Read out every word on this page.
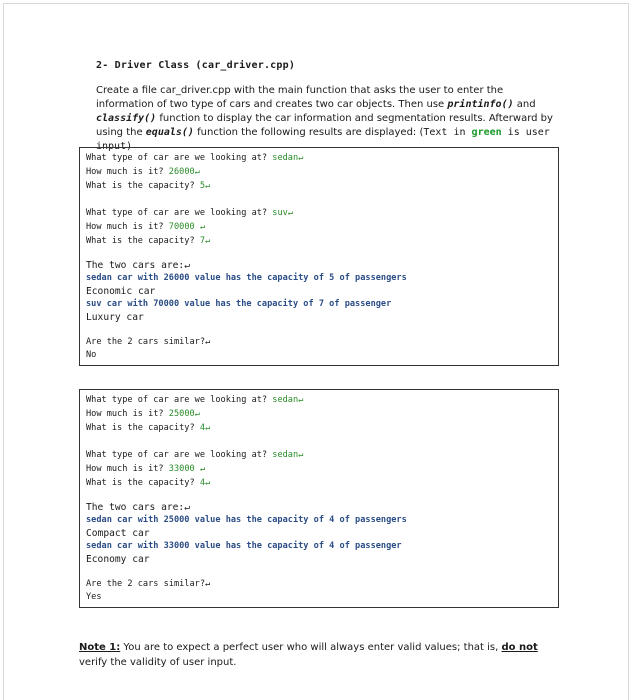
2- Driver Class (car_driver.cpp)
Create a file car_driver.cpp with the main function that asks the user to enter the information of two type of cars and creates two car objects. Then use printinfo() and classify() function to display the car information and segmentation results. Afterward by using the equals() function the following results are displayed: (Text in green is user input)
What type of car are we looking at? sedan↵
How much is it? 26000↵
What is the capacity? 5↵
What type of car are we looking at? suv↵
How much is it? 70000 ↵
What is the capacity? 7↵
The two cars are:↵
sedan car with 26000 value has the capacity of 5 of passengers
Economic car
suv car with 70000 value has the capacity of 7 of passenger
Luxury car
Are the 2 cars similar?↵
No
What type of car are we looking at? sedan↵
How much is it? 25000↵
What is the capacity? 4↵
What type of car are we looking at? sedan↵
How much is it? 33000 ↵
What is the capacity? 4↵
The two cars are:↵
sedan car with 25000 value has the capacity of 4 of passengers
Compact car
sedan car with 33000 value has the capacity of 4 of passenger
Economy car
Are the 2 cars similar?↵
Yes
Note 1: You are to expect a perfect user who will always enter valid values; that is, do not verify the validity of user input.
